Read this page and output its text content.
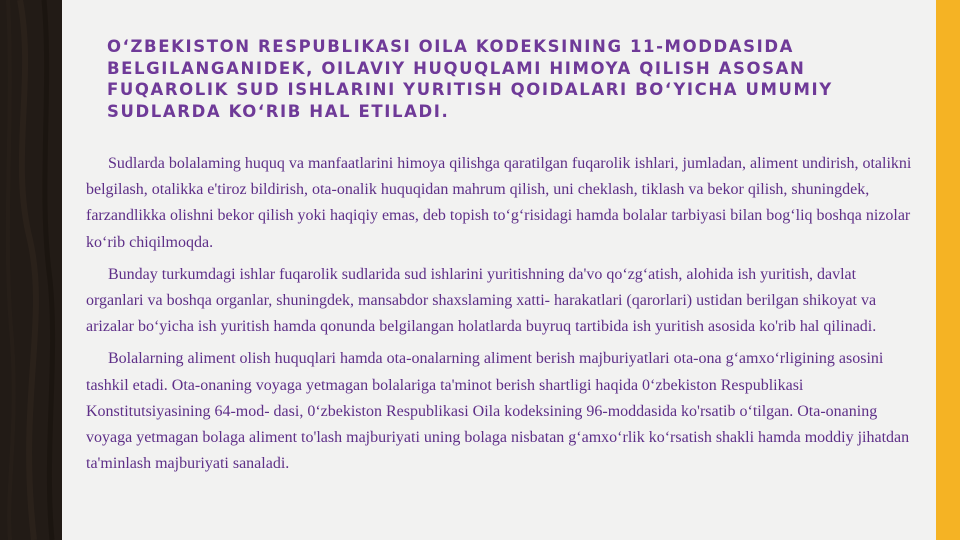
O‘ZBEKISTON RESPUBLIKASI OILA KODEKSINING 11-MODDASIDA BELGILANGANIDEK, OILAVIY HUQUQLAMI HIMOYA QILISH ASOSAN FUQAROLIK SUD ISHLARINI YURITISH QOIDALARI BO‘YICHA UMUMIY SUDLARDA KO‘RIB HAL ETILADI.

Sudlarda bolalaming huquq va manfaatlarini himoya qilishga qaratilgan fuqarolik ishlari, jumladan, aliment undirish, otalikni belgilash, otalikka e'tiroz bildirish, ota-onalik huquqidan mahrum qilish, uni cheklash, tiklash va bekor qilish, shuningdek, farzandlikka olishni bekor qilish yoki haqiqiy emas, deb topish to‘g‘risidagi hamda bolalar tarbiyasi bilan bog‘liq boshqa nizolar ko‘rib chiqilmoqda.

Bunday turkumdagi ishlar fuqarolik sudlarida sud ishlarini yuritishning da'vo qo‘zg‘atish, alohida ish yuritish, davlat organlari va boshqa organlar, shuningdek, mansabdor shaxslaming xatti- harakatlari (qarorlari) ustidan berilgan shikoyat va arizalar bo‘yicha ish yuritish hamda qonunda belgilangan holatlarda buyruq tartibida ish yuritish asosida ko'rib hal qilinadi.

Bolalarning aliment olish huquqlari hamda ota-onalarning aliment berish majburiyatlari ota-ona g‘amxo‘rligining asosini tashkil etadi. Ota-onaning voyaga yetmagan bolalariga ta'minot berish shartligi haqida 0‘zbekiston Respublikasi Konstitutsiyasining 64-mod- dasi, 0‘zbekiston Respublikasi Oila kodeksining 96-moddasida ko'rsatib o‘tilgan. Ota-onaning voyaga yetmagan bolaga aliment to'lash majburiyati uning bolaga nisbatan g‘amxo‘rlik ko‘rsatish shakli hamda moddiy jihatdan ta'minlash majburiyati sanaladi.
